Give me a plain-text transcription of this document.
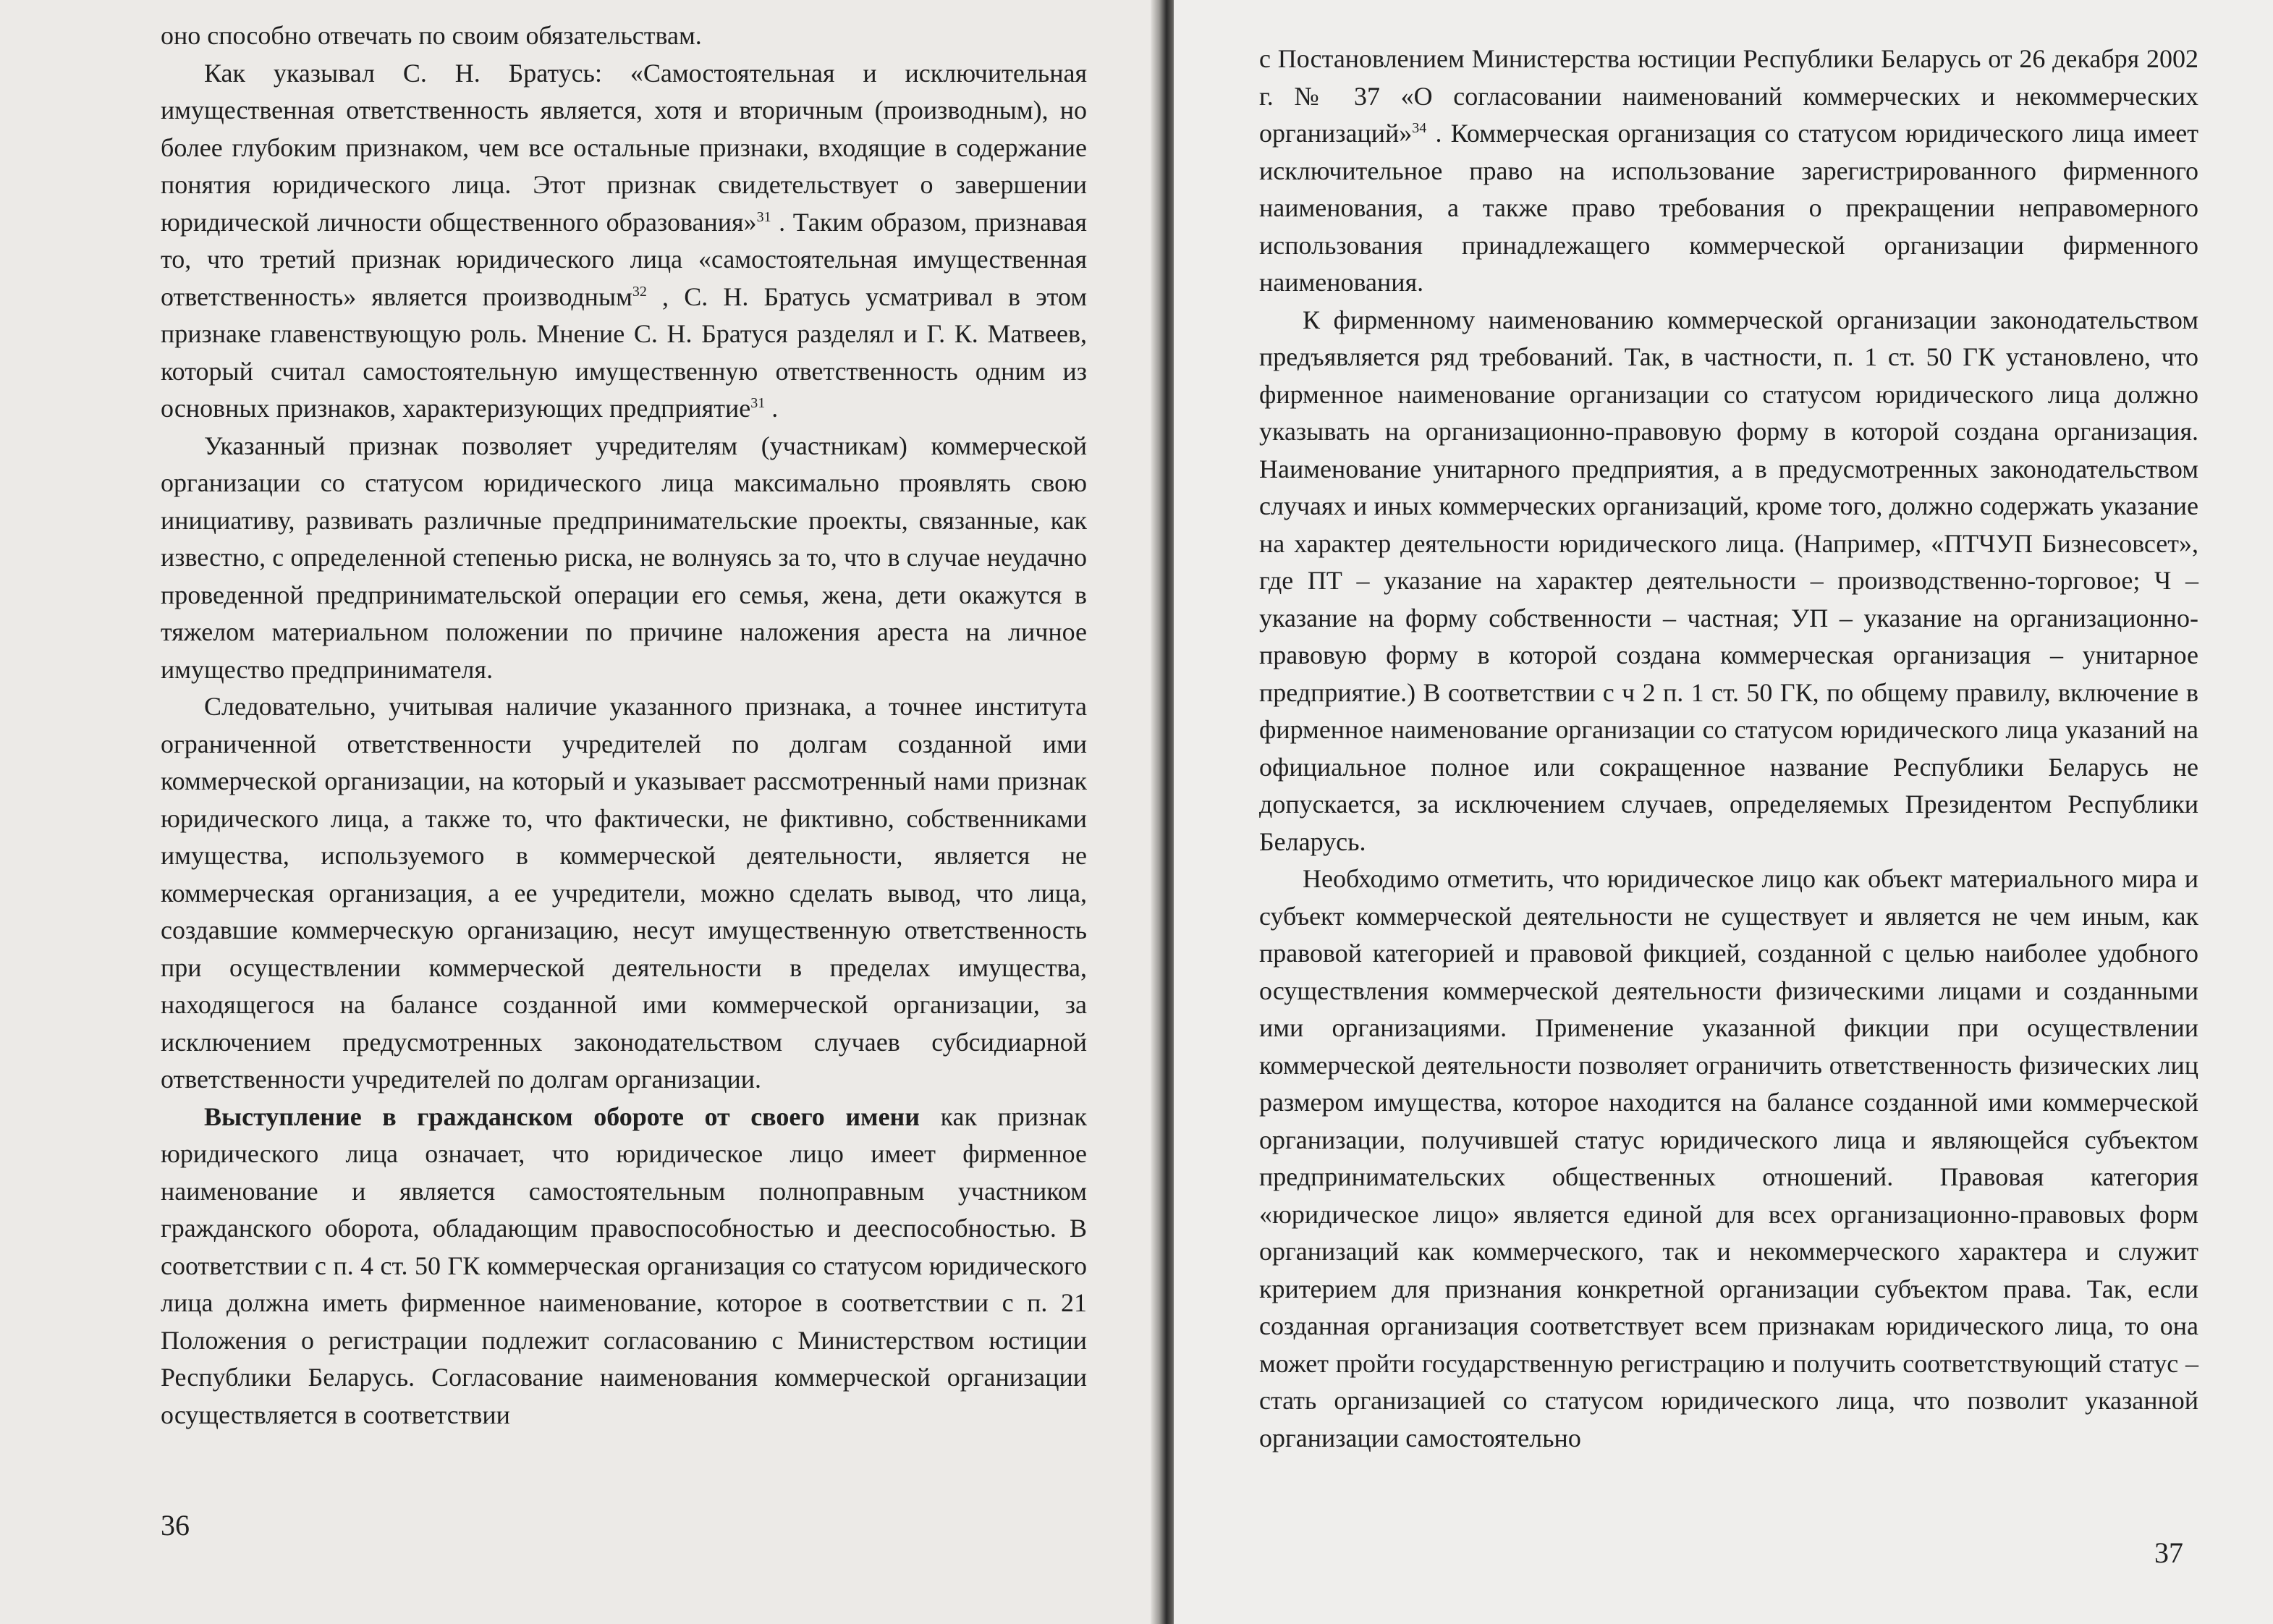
оно способно отвечать по своим обязательствам.

Как указывал С. Н. Братусь: «Самостоятельная и исключительная имущественная ответственность является, хотя и вторичным (производным), но более глубоким признаком, чем все остальные признаки, входящие в содержание понятия юридического лица. Этот признак свидетельствует о завершении юридической личности общественного образования»$^{31}$ . Таким образом, признавая то, что третий признак юридического лица «самостоятельная имущественная ответственность» является производным$^{32}$ , С. Н. Братусь усматривал в этом признаке главенствующую роль. Мнение С. Н. Братуся разделял и Г. К. Матвеев, который считал самостоятельную имущественную ответственность одним из основных признаков, характеризующих предприятие$^{31}$ .

Указанный признак позволяет учредителям (участникам) коммерческой организации со статусом юридического лица максимально проявлять свою инициативу, развивать различные предпринимательские проекты, связанные, как известно, с определенной степенью риска, не волнуясь за то, что в случае неудачно проведенной предпринимательской операции его семья, жена, дети окажутся в тяжелом материальном положении по причине наложения ареста на личное имущество предпринимателя.

Следовательно, учитывая наличие указанного признака, а точнее института ограниченной ответственности учредителей по долгам созданной ими коммерческой организации, на который и указывает рассмотренный нами признак юридического лица, а также то, что фактически, не фиктивно, собственниками имущества, используемого в коммерческой деятельности, является не коммерческая организация, а ее учредители, можно сделать вывод, что лица, создавшие коммерческую организацию, несут имущественную ответственность при осуществлении коммерческой деятельности в пределах имущества, находящегося на балансе созданной ими коммерческой организации, за исключением предусмотренных законодательством случаев субсидиарной ответственности учредителей по долгам организации.

Выступление в гражданском обороте от своего имени как признак юридического лица означает, что юридическое лицо имеет фирменное наименование и является самостоятельным полноправным участником гражданского оборота, обладающим правоспособностью и дееспособностью. В соответствии с п. 4 ст. 50 ГК коммерческая организация со статусом юридического лица должна иметь фирменное наименование, которое в соответствии с п. 21 Положения о регистрации подлежит согласованию с Министерством юстиции Республики Беларусь. Согласование наименования коммерческой организации осуществляется в соответствии

36

с Постановлением Министерства юстиции Республики Беларусь от 26 декабря 2002 г. № 37 «О согласовании наименований коммерческих и некоммерческих организаций»$^{34}$ . Коммерческая организация со статусом юридического лица имеет исключительное право на использование зарегистрированного фирменного наименования, а также право требования о прекращении неправомерного использования принадлежащего коммерческой организации фирменного наименования.

К фирменному наименованию коммерческой организации законодательством предъявляется ряд требований. Так, в частности, п. 1 ст. 50 ГК установлено, что фирменное наименование организации со статусом юридического лица должно указывать на организационно-правовую форму в которой создана организация. Наименование унитарного предприятия, а в предусмотренных законодательством случаях и иных коммерческих организаций, кроме того, должно содержать указание на характер деятельности юридического лица. (Например, «ПТЧУП Бизнесовсет», где ПТ – указание на характер деятельности – производственно-торговое; Ч – указание на форму собственности – частная; УП – указание на организационно-правовую форму в которой создана коммерческая организация – унитарное предприятие.) В соответствии с ч 2 п. 1 ст. 50 ГК, по общему правилу, включение в фирменное наименование организации со статусом юридического лица указаний на официальное полное или сокращенное название Республики Беларусь не допускается, за исключением случаев, определяемых Президентом Республики Беларусь.

Необходимо отметить, что юридическое лицо как объект материального мира и субъект коммерческой деятельности не существует и является не чем иным, как правовой категорией и правовой фикцией, созданной с целью наиболее удобного осуществления коммерческой деятельности физическими лицами и созданными ими организациями. Применение указанной фикции при осуществлении коммерческой деятельности позволяет ограничить ответственность физических лиц размером имущества, которое находится на балансе созданной ими коммерческой организации, получившей статус юридического лица и являющейся субъектом предпринимательских общественных отношений. Правовая категория «юридическое лицо» является единой для всех организационно-правовых форм организаций как коммерческого, так и некоммерческого характера и служит критерием для признания конкретной организации субъектом права. Так, если созданная организация соответствует всем признакам юридического лица, то она может пройти государственную регистрацию и получить соответствующий статус – стать организацией со статусом юридического лица, что позволит указанной организации самостоятельно

37
